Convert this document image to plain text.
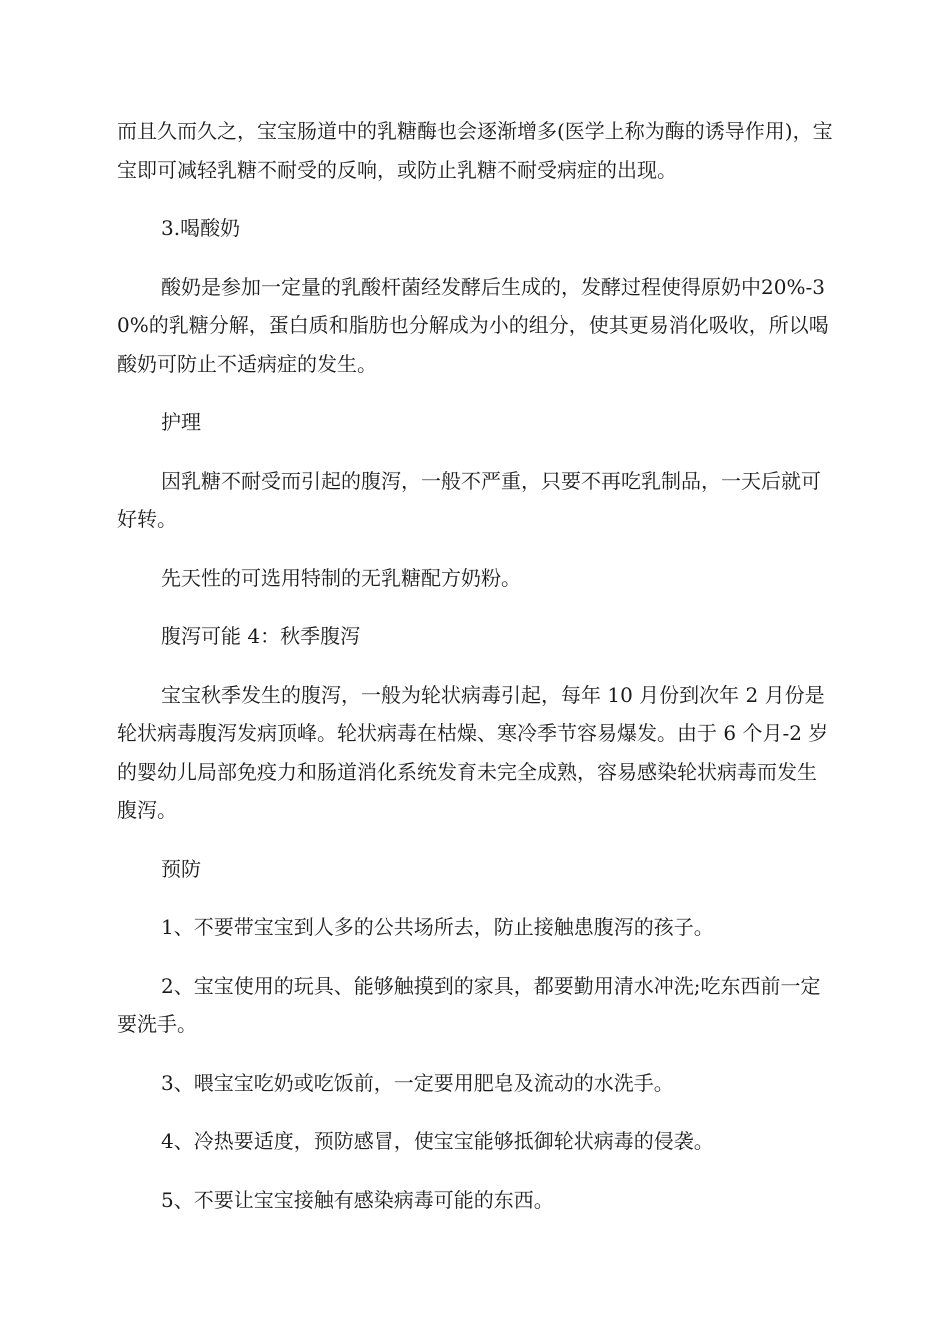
而且久而久之，宝宝肠道中的乳糖酶也会逐渐增多(医学上称为酶的诱导作用)，宝宝即可减轻乳糖不耐受的反响，或防止乳糖不耐受病症的出现。

3.喝酸奶

酸奶是参加一定量的乳酸杆菌经发酵后生成的，发酵过程使得原奶中20%-30%的乳糖分解，蛋白质和脂肪也分解成为小的组分，使其更易消化吸收，所以喝酸奶可防止不适病症的发生。

护理

因乳糖不耐受而引起的腹泻，一般不严重，只要不再吃乳制品，一天后就可好转。

先天性的可选用特制的无乳糖配方奶粉。

腹泻可能 4：秋季腹泻

宝宝秋季发生的腹泻，一般为轮状病毒引起，每年 10 月份到次年 2 月份是轮状病毒腹泻发病顶峰。轮状病毒在枯燥、寒冷季节容易爆发。由于 6 个月-2 岁的婴幼儿局部免疫力和肠道消化系统发育未完全成熟，容易感染轮状病毒而发生腹泻。

预防

1、不要带宝宝到人多的公共场所去，防止接触患腹泻的孩子。

2、宝宝使用的玩具、能够触摸到的家具，都要勤用清水冲洗;吃东西前一定要洗手。

3、喂宝宝吃奶或吃饭前，一定要用肥皂及流动的水洗手。

4、冷热要适度，预防感冒，使宝宝能够抵御轮状病毒的侵袭。

5、不要让宝宝接触有感染病毒可能的东西。
